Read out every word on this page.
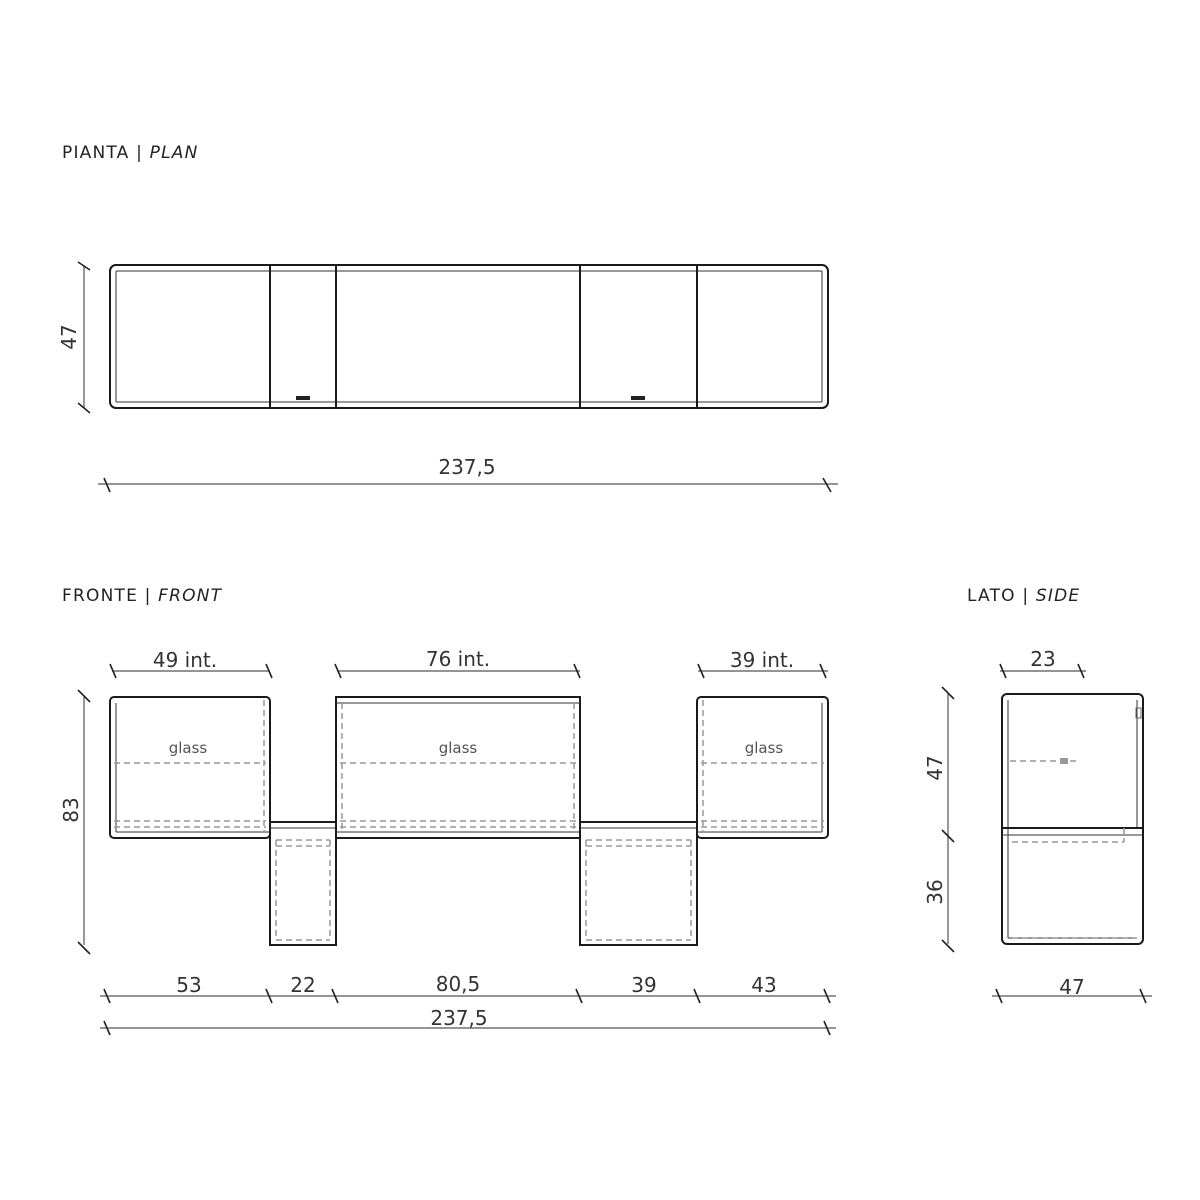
PIANTA | PLAN
47
237,5
FRONTE | FRONT
49 int.	76 int.	39 int.
glass	glass	glass
83
53	22	80,5	39	43
237,5
LATO | SIDE
23
47
36
47
